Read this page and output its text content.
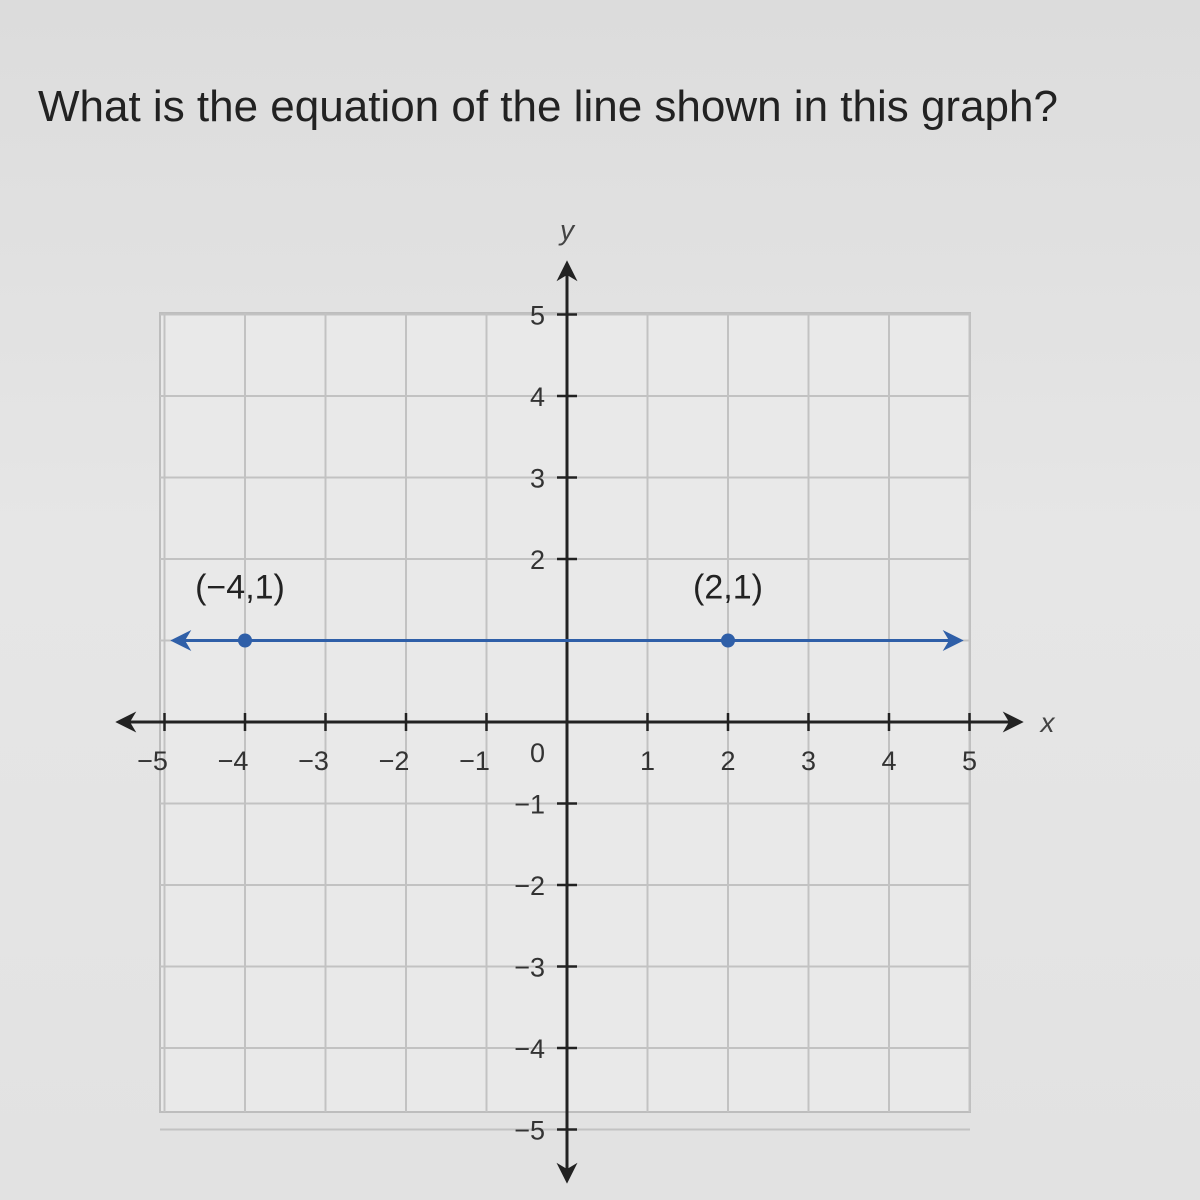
What is the equation of the line shown in this graph?
−5 −4 −3 −2 −1	1 2 3 4 5
−5
−4
−3
−2
−1
2
3
4
5
0
x
y
(−4,1)	(2,1)
